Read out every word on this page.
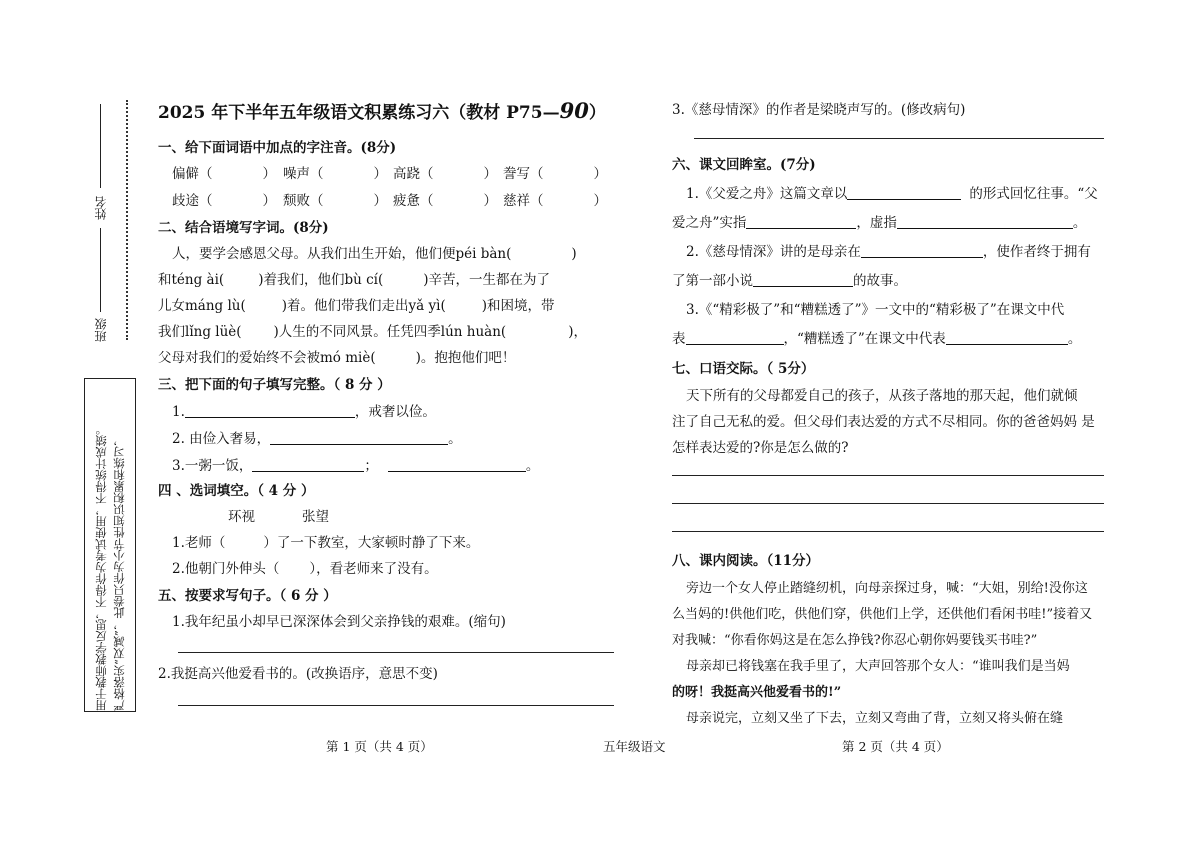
姓名
班级
严格落实“双减”，此卷只作为小节性知识积累和练习，
用于教师教学反思，不得作为考试使用，不得统计成绩。
2025 年下半年五年级语文积累练习六（教材 P75—90）
一、给下面词语中加点的字注音。(8分)
偏僻（	） 噪声（	） 高跷（	） 誊写（	）
歧途（	） 颓败（	） 疲惫（	） 慈祥（	）
二、结合语境写字词。(8分)
人，要学会感恩父母。从我们出生开始，他们便péi bàn(	)
和téng ài(	)着我们，他们bù cí(	)辛苦，一生都在为了
儿女máng lù(	)着。他们带我们走出yǎ yì(	)和困境，带
我们lǐng lüè( )人生的不同风景。任凭四季lún huàn(	)，
父母对我们的爱始终不会被mó miè(	)。抱抱他们吧！
三、把下面的句子填写完整。（ 8 分 ）
1.	，戒奢以俭。
2. 由俭入奢易，	。
3.一粥一饭，	；	。
四 、选词填空。（ 4 分 ）
环视	张望
1.老师（	）了一下教室，大家顿时静了下来。
2.他朝门外伸头（ ），看老师来了没有。
五、按要求写句子。（ 6 分 ）
1.我年纪虽小却早已深深体会到父亲挣钱的艰难。(缩句)
2.我挺高兴他爱看书的。(改换语序，意思不变)
3.《慈母情深》的作者是梁晓声写的。(修改病句)
六、课文回眸室。(7分)
1.《父爱之舟》这篇文章以	的形式回忆往事。“父
爱之舟”实指	，虚指	。
2.《慈母情深》讲的是母亲在	，使作者终于拥有
了第一部小说	的故事。
3.《“精彩极了”和“糟糕透了”》一文中的“精彩极了”在课文中代
表	，“糟糕透了”在课文中代表	。
七、口语交际。（ 5分）
天下所有的父母都爱自己的孩子，从孩子落地的那天起，他们就倾
注了自己无私的爱。但父母们表达爱的方式不尽相同。你的爸爸妈妈 是
怎样表达爱的?你是怎么做的?
八、课内阅读。（11分）
旁边一个女人停止踏缝纫机，向母亲探过身，喊：“大姐，别给!没你这
么当妈的!供他们吃，供他们穿，供他们上学，还供他们看闲书哇!”接着又
对我喊：“你看你妈这是在怎么挣钱?你忍心朝你妈要钱买书哇?”
母亲却已将钱塞在我手里了，大声回答那个女人：“谁叫我们是当妈
的呀！我挺高兴他爱看书的!”
母亲说完，立刻又坐了下去，立刻又弯曲了背，立刻又将头俯在缝
第 1 页（共 4 页）	五年级语文	第 2 页（共 4 页）
